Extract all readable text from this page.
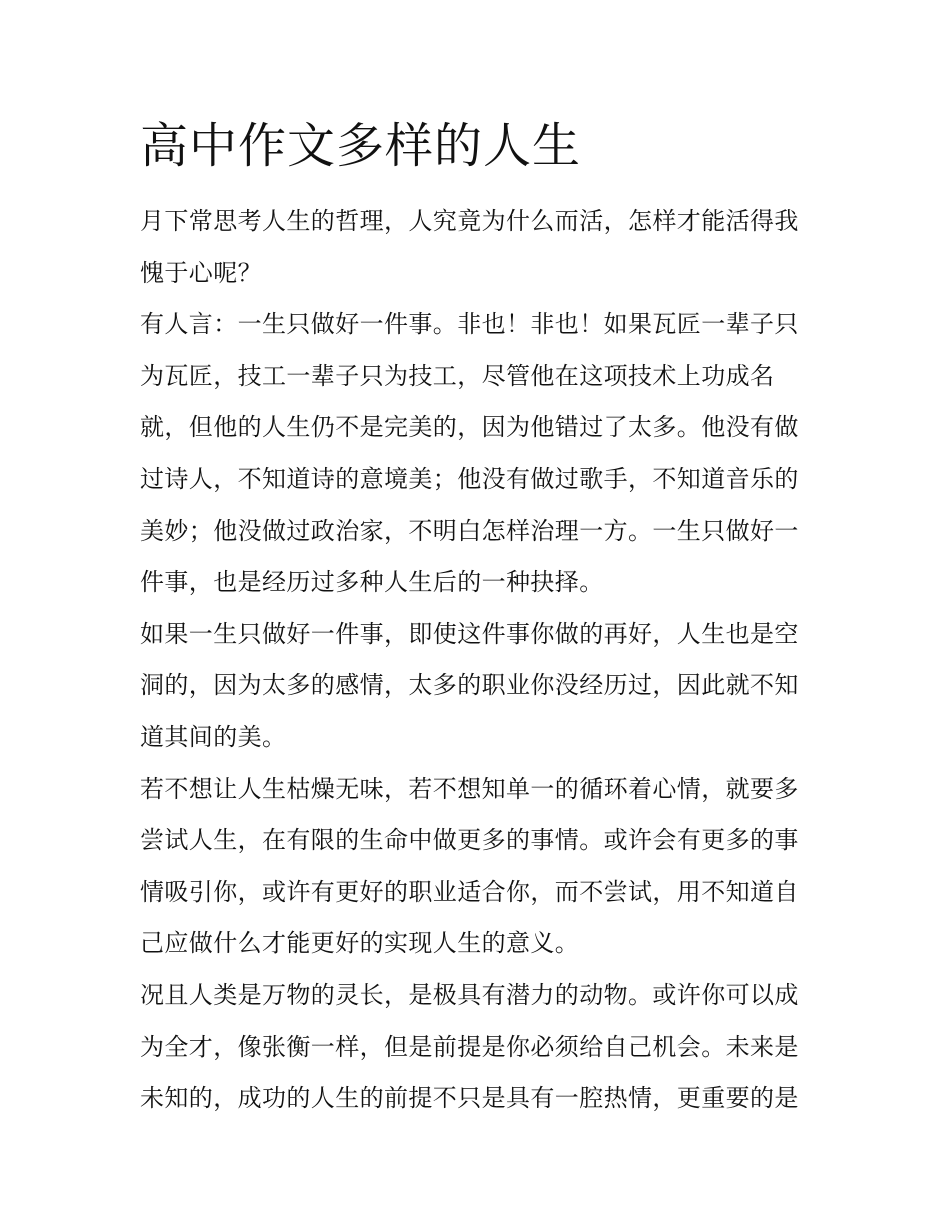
高中作文多样的人生
月下常思考人生的哲理，人究竟为什么而活，怎样才能活得我
愧于心呢？
有人言：一生只做好一件事。非也！非也！如果瓦匠一辈子只
为瓦匠，技工一辈子只为技工，尽管他在这项技术上功成名
就，但他的人生仍不是完美的，因为他错过了太多。他没有做
过诗人，不知道诗的意境美；他没有做过歌手，不知道音乐的
美妙；他没做过政治家，不明白怎样治理一方。一生只做好一
件事，也是经历过多种人生后的一种抉择。
如果一生只做好一件事，即使这件事你做的再好，人生也是空
洞的，因为太多的感情，太多的职业你没经历过，因此就不知
道其间的美。
若不想让人生枯燥无味，若不想知单一的循环着心情，就要多
尝试人生，在有限的生命中做更多的事情。或许会有更多的事
情吸引你，或许有更好的职业适合你，而不尝试，用不知道自
己应做什么才能更好的实现人生的意义。
况且人类是万物的灵长，是极具有潜力的动物。或许你可以成
为全才，像张衡一样，但是前提是你必须给自己机会。未来是
未知的，成功的人生的前提不只是具有一腔热情，更重要的是
